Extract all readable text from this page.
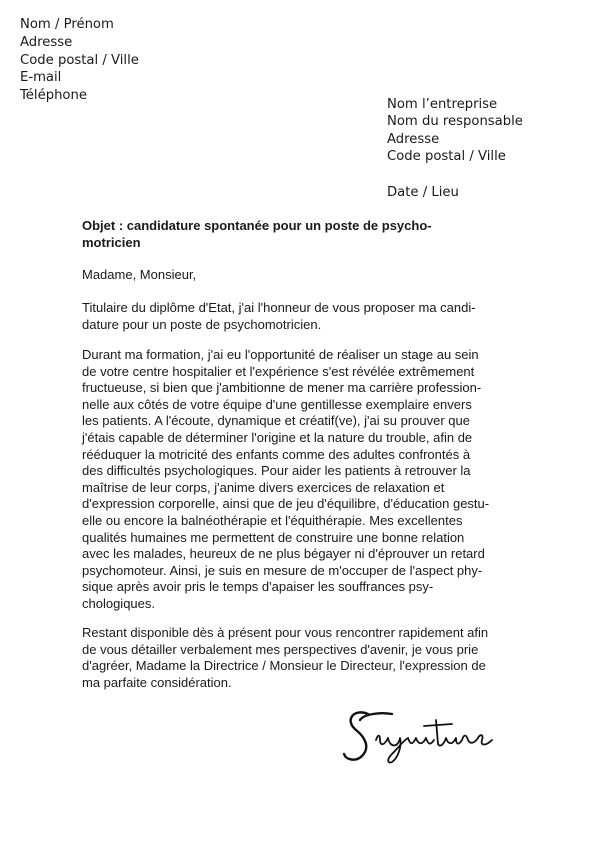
Nom / Prénom
Adresse
Code postal / Ville
E-mail
Téléphone
Nom l’entreprise
Nom du responsable
Adresse
Code postal / Ville
Date / Lieu
Objet : candidature spontanée pour un poste de psycho-
motricien
Madame, Monsieur,
Titulaire du diplôme d'Etat, j'ai l'honneur de vous proposer ma candi-
dature pour un poste de psychomotricien.
Durant ma formation, j'ai eu l'opportunité de réaliser un stage au sein
de votre centre hospitalier et l'expérience s'est révélée extrêmement
fructueuse, si bien que j'ambitionne de mener ma carrière profession-
nelle aux côtés de votre équipe d'une gentillesse exemplaire envers
les patients. A l'écoute, dynamique et créatif(ve), j'ai su prouver que
j'étais capable de déterminer l'origine et la nature du trouble, afin de
rééduquer la motricité des enfants comme des adultes confrontés à
des difficultés psychologiques. Pour aider les patients à retrouver la
maîtrise de leur corps, j'anime divers exercices de relaxation et
d'expression corporelle, ainsi que de jeu d'équilibre, d'éducation gestu-
elle ou encore la balnéothérapie et l'équithérapie. Mes excellentes
qualités humaines me permettent de construire une bonne relation
avec les malades, heureux de ne plus bégayer ni d'éprouver un retard
psychomoteur. Ainsi, je suis en mesure de m'occuper de l'aspect phy-
sique après avoir pris le temps d'apaiser les souffrances psy-
chologiques.
Restant disponible dès à présent pour vous rencontrer rapidement afin
de vous détailler verbalement mes perspectives d'avenir, je vous prie
d'agréer, Madame la Directrice / Monsieur le Directeur, l'expression de
ma parfaite considération.
